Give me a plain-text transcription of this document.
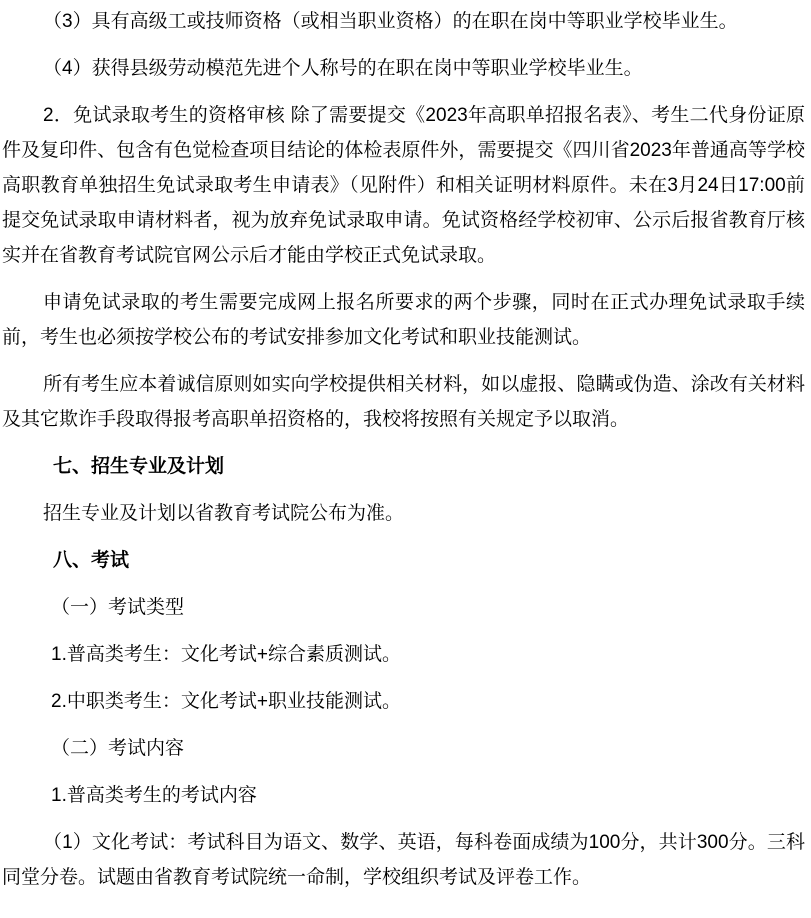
（3）具有高级工或技师资格（或相当职业资格）的在职在岗中等职业学校毕业生。

（4）获得县级劳动模范先进个人称号的在职在岗中等职业学校毕业生。

2．免试录取考生的资格审核 除了需要提交《2023年高职单招报名表》、考生二代身份证原件及复印件、包含有色觉检查项目结论的体检表原件外，需要提交《四川省2023年普通高等学校高职教育单独招生免试录取考生申请表》（见附件）和相关证明材料原件。未在3月24日17:00前提交免试录取申请材料者，视为放弃免试录取申请。免试资格经学校初审、公示后报省教育厅核实并在省教育考试院官网公示后才能由学校正式免试录取。

申请免试录取的考生需要完成网上报名所要求的两个步骤，同时在正式办理免试录取手续前，考生也必须按学校公布的考试安排参加文化考试和职业技能测试。

所有考生应本着诚信原则如实向学校提供相关材料，如以虚报、隐瞒或伪造、涂改有关材料及其它欺诈手段取得报考高职单招资格的，我校将按照有关规定予以取消。

七、招生专业及计划

招生专业及计划以省教育考试院公布为准。

八、考试

（一）考试类型

1.普高类考生：文化考试+综合素质测试。

2.中职类考生：文化考试+职业技能测试。

（二）考试内容

1.普高类考生的考试内容

（1）文化考试：考试科目为语文、数学、英语，每科卷面成绩为100分，共计300分。三科同堂分卷。试题由省教育考试院统一命制，学校组织考试及评卷工作。
